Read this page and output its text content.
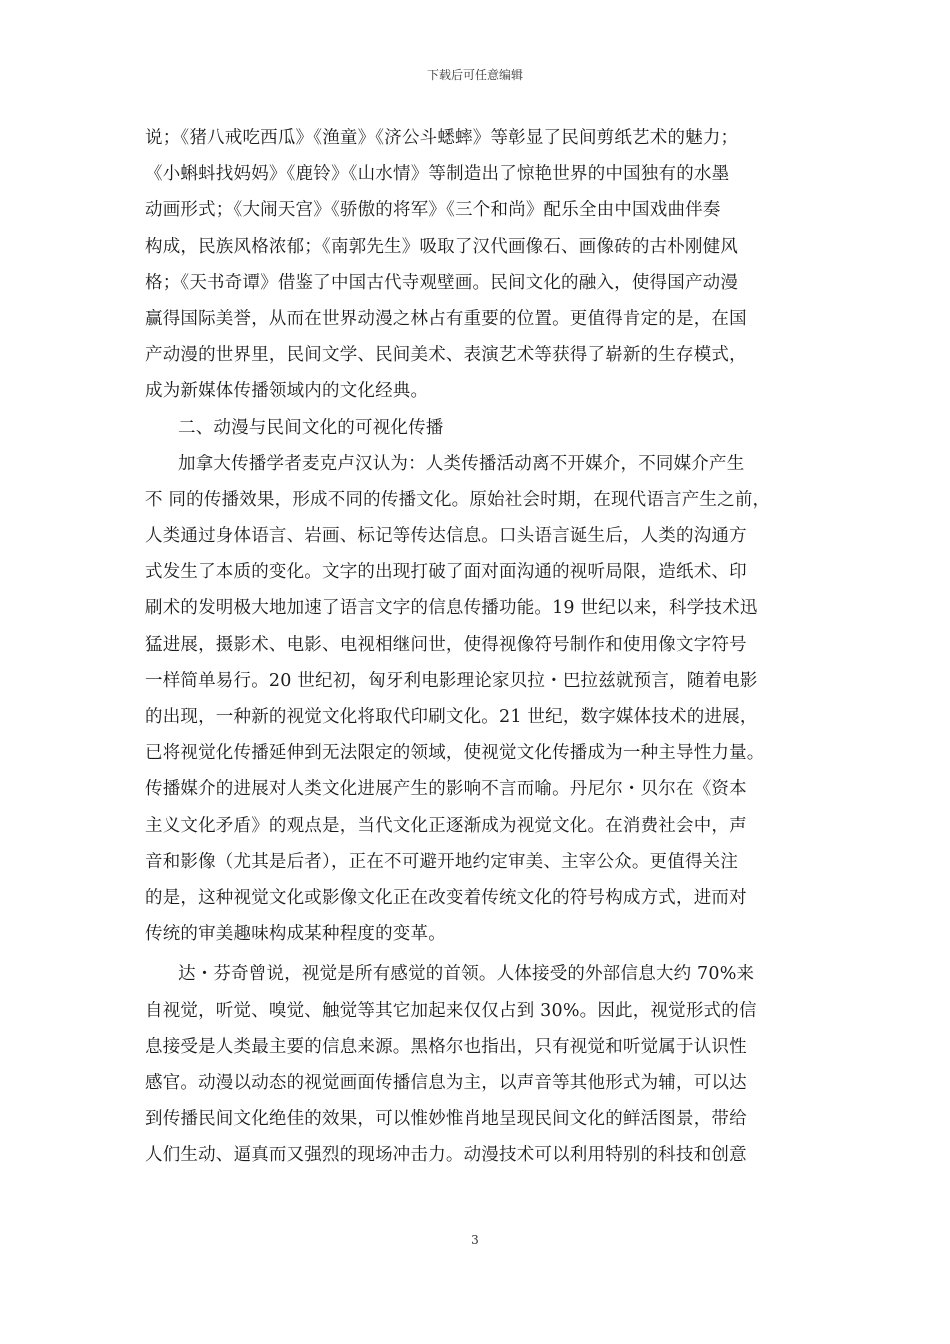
下载后可任意编辑
说；《猪八戒吃西瓜》《渔童》《济公斗蟋蟀》等彰显了民间剪纸艺术的魅力；
《小蝌蚪找妈妈》《鹿铃》《山水情》等制造出了惊艳世界的中国独有的水墨
动画形式；《大闹天宫》《骄傲的将军》《三个和尚》配乐全由中国戏曲伴奏
构成，民族风格浓郁；《南郭先生》吸取了汉代画像石、画像砖的古朴刚健风
格；《天书奇谭》借鉴了中国古代寺观壁画。民间文化的融入，使得国产动漫
赢得国际美誉，从而在世界动漫之林占有重要的位置。更值得肯定的是，在国
产动漫的世界里，民间文学、民间美术、表演艺术等获得了崭新的生存模式，
成为新媒体传播领域内的文化经典。
二、动漫与民间文化的可视化传播
加拿大传播学者麦克卢汉认为：人类传播活动离不开媒介，不同媒介产生
不 同的传播效果，形成不同的传播文化。原始社会时期，在现代语言产生之前，
人类通过身体语言、岩画、标记等传达信息。口头语言诞生后，人类的沟通方
式发生了本质的变化。文字的出现打破了面对面沟通的视听局限，造纸术、印
刷术的发明极大地加速了语言文字的信息传播功能。19 世纪以来，科学技术迅
猛进展，摄影术、电影、电视相继问世，使得视像符号制作和使用像文字符号
一样简单易行。20 世纪初，匈牙利电影理论家贝拉・巴拉兹就预言，随着电影
的出现，一种新的视觉文化将取代印刷文化。21 世纪，数字媒体技术的进展，
已将视觉化传播延伸到无法限定的领域，使视觉文化传播成为一种主导性力量。
传播媒介的进展对人类文化进展产生的影响不言而喻。丹尼尔・贝尔在《资本
主义文化矛盾》的观点是，当代文化正逐渐成为视觉文化。在消费社会中，声
音和影像（尤其是后者），正在不可避开地约定审美、主宰公众。更值得关注
的是，这种视觉文化或影像文化正在改变着传统文化的符号构成方式，进而对
传统的审美趣味构成某种程度的变革。
达・芬奇曾说，视觉是所有感觉的首领。人体接受的外部信息大约 70%来
自视觉，听觉、嗅觉、触觉等其它加起来仅仅占到 30%。因此，视觉形式的信
息接受是人类最主要的信息来源。黑格尔也指出，只有视觉和听觉属于认识性
感官。动漫以动态的视觉画面传播信息为主，以声音等其他形式为辅，可以达
到传播民间文化绝佳的效果，可以惟妙惟肖地呈现民间文化的鲜活图景，带给
人们生动、逼真而又强烈的现场冲击力。动漫技术可以利用特别的科技和创意
3
